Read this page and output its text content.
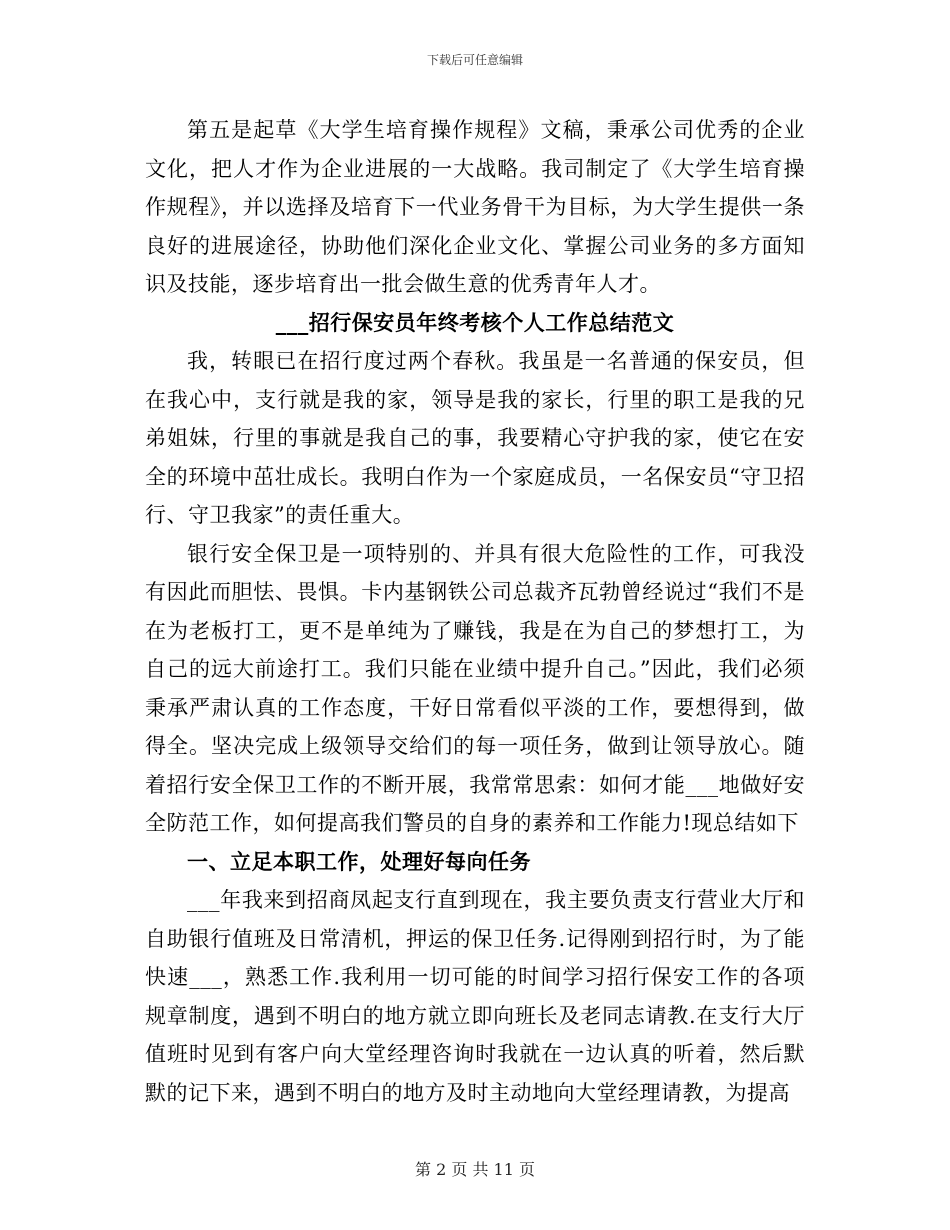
下载后可任意编辑

第五是起草《大学生培育操作规程》文稿，秉承公司优秀的企业文化，把人才作为企业进展的一大战略。我司制定了《大学生培育操作规程》，并以选择及培育下一代业务骨干为目标，为大学生提供一条良好的进展途径，协助他们深化企业文化、掌握公司业务的多方面知识及技能，逐步培育出一批会做生意的优秀青年人才。

___招行保安员年终考核个人工作总结范文

我，转眼已在招行度过两个春秋。我虽是一名普通的保安员，但在我心中，支行就是我的家，领导是我的家长，行里的职工是我的兄弟姐妹，行里的事就是我自己的事，我要精心守护我的家，使它在安全的环境中茁壮成长。我明白作为一个家庭成员，一名保安员“守卫招行、守卫我家”的责任重大。

银行安全保卫是一项特别的、并具有很大危险性的工作，可我没有因此而胆怯、畏惧。卡内基钢铁公司总裁齐瓦勃曾经说过“我们不是在为老板打工，更不是单纯为了赚钱，我是在为自己的梦想打工，为自己的远大前途打工。我们只能在业绩中提升自己。”因此，我们必须秉承严肃认真的工作态度，干好日常看似平淡的工作，要想得到，做得全。坚决完成上级领导交给们的每一项任务，做到让领导放心。随着招行安全保卫工作的不断开展，我常常思索：如何才能___地做好安全防范工作，如何提高我们警员的自身的素养和工作能力!现总结如下

一、立足本职工作，处理好每向任务

___年我来到招商凤起支行直到现在，我主要负责支行营业大厅和自助银行值班及日常清机，押运的保卫任务.记得刚到招行时，为了能快速___，熟悉工作.我利用一切可能的时间学习招行保安工作的各项规章制度，遇到不明白的地方就立即向班长及老同志请教.在支行大厅值班时见到有客户向大堂经理咨询时我就在一边认真的听着，然后默默的记下来，遇到不明白的地方及时主动地向大堂经理请教，为提高

第 2 页 共 11 页
